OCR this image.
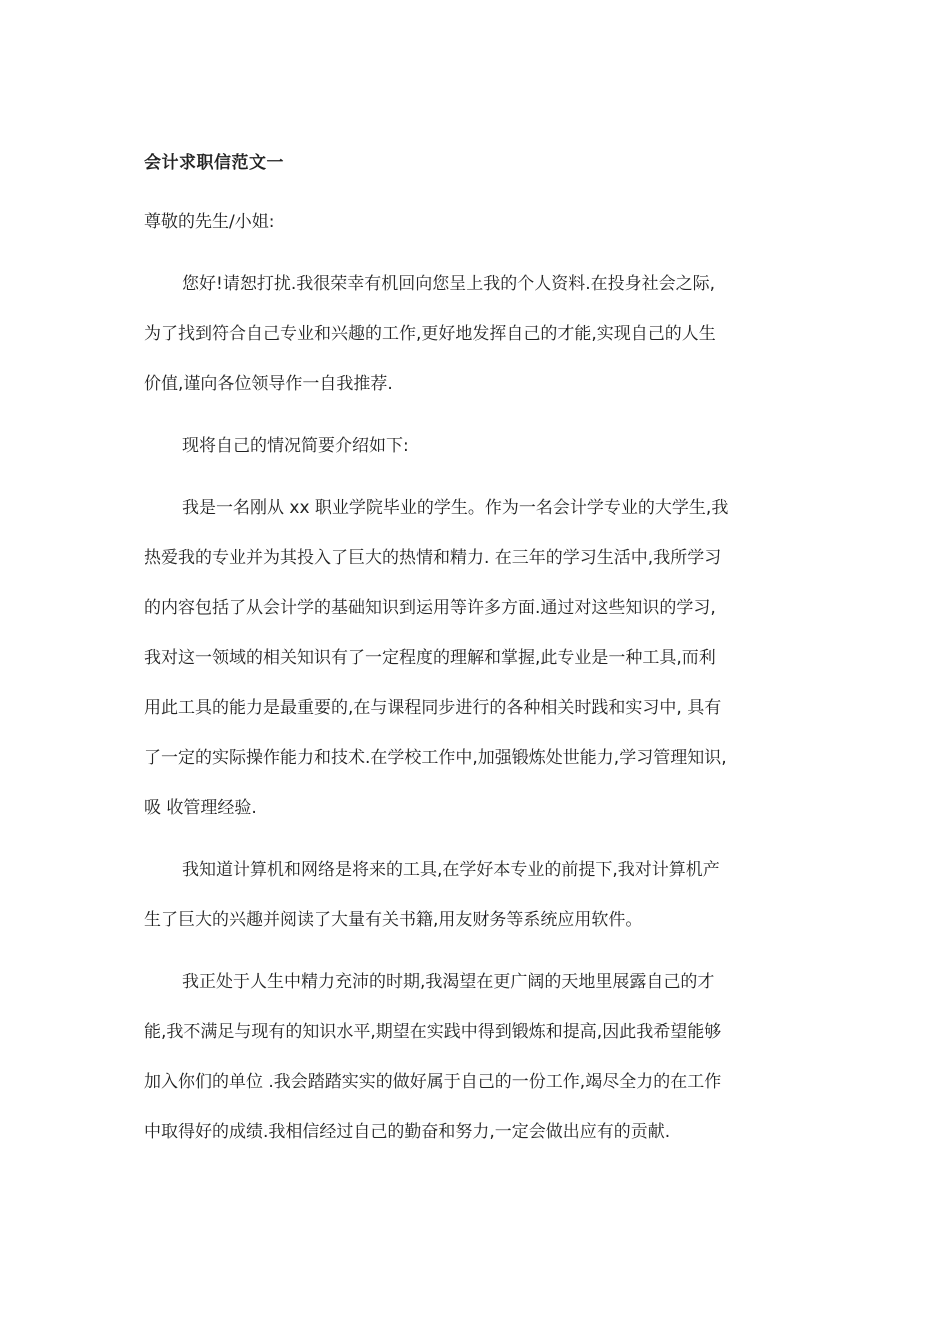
会计求职信范文一
尊敬的先生/小姐:
您好!请恕打扰.我很荣幸有机回向您呈上我的个人资料.在投身社会之际,
为了找到符合自己专业和兴趣的工作,更好地发挥自己的才能,实现自己的人生
价值,谨向各位领导作一自我推荐.
现将自己的情况简要介绍如下:
我是一名刚从 xx 职业学院毕业的学生。作为一名会计学专业的大学生,我
热爱我的专业并为其投入了巨大的热情和精力. 在三年的学习生活中,我所学习
的内容包括了从会计学的基础知识到运用等许多方面.通过对这些知识的学习,
我对这一领域的相关知识有了一定程度的理解和掌握,此专业是一种工具,而利
用此工具的能力是最重要的,在与课程同步进行的各种相关时践和实习中, 具有
了一定的实际操作能力和技术.在学校工作中,加强锻炼处世能力,学习管理知识,
吸 收管理经验.
我知道计算机和网络是将来的工具,在学好本专业的前提下,我对计算机产
生了巨大的兴趣并阅读了大量有关书籍,用友财务等系统应用软件。
我正处于人生中精力充沛的时期,我渴望在更广阔的天地里展露自己的才
能,我不满足与现有的知识水平,期望在实践中得到锻炼和提高,因此我希望能够
加入你们的单位 .我会踏踏实实的做好属于自己的一份工作,竭尽全力的在工作
中取得好的成绩.我相信经过自己的勤奋和努力,一定会做出应有的贡献.
